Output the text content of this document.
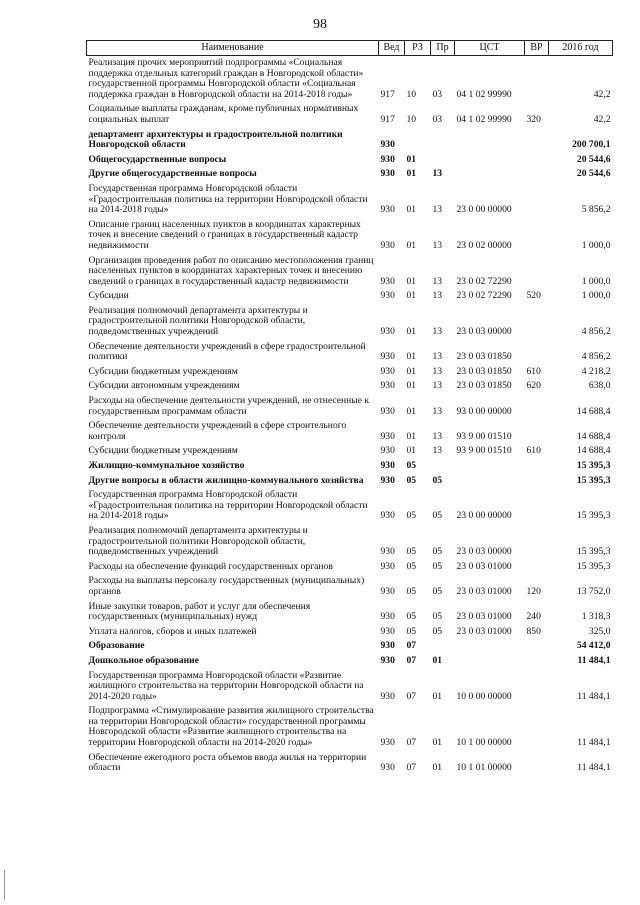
98
Наименование	Вед	РЗ	Пр	ЦСТ	ВР	2016 год
Реализация прочих мероприятий подпрограммы «Социальная поддержка отдельных категорий граждан в Новгородской области» государственной программы Новгородской области «Социальная поддержка граждан в Новгородской области на 2014-2018 годы»	917	10	03	04 1 02 99990		42,2
Социальные выплаты гражданам, кроме публичных нормативных социальных выплат	917	10	03	04 1 02 99990	320	42,2
департамент архитектуры и градостроительной политики Новгородской области	930					200 700,1
Общегосударственные вопросы	930	01				20 544,6
Другие общегосударственные вопросы	930	01	13			20 544,6
Государственная программа Новгородской области «Градостроительная политика на территории Новгородской области на 2014-2018 годы»	930	01	13	23 0 00 00000		5 856,2
Описание границ населенных пунктов в координатах характерных точек и внесение сведений о границах в государственный кадастр недвижимости	930	01	13	23 0 02 00000		1 000,0
Организация проведения работ по описанию местоположения границ населенных пунктов в координатах характерных точек и внесению сведений о границах в государственный кадастр недвижимости	930	01	13	23 0 02 72290		1 000,0
Субсидии	930	01	13	23 0 02 72290	520	1 000,0
Реализация полномочий департамента архитектуры и градостроительной политики Новгородской области, подведомственных учреждений	930	01	13	23 0 03 00000		4 856,2
Обеспечение деятельности учреждений в сфере градостроительной политики	930	01	13	23 0 03 01850		4 856,2
Субсидии бюджетным учреждениям	930	01	13	23 0 03 01850	610	4 218,2
Субсидии автономным учреждениям	930	01	13	23 0 03 01850	620	638,0
Расходы на обеспечение деятельности учреждений, не отнесенные к государственным программам области	930	01	13	93 0 00 00000		14 688,4
Обеспечение деятельности учреждений в сфере строительного контроля	930	01	13	93 9 00 01510		14 688,4
Субсидии бюджетным учреждениям	930	01	13	93 9 00 01510	610	14 688,4
Жилищно-коммунальное хозяйство	930	05				15 395,3
Другие вопросы в области жилищно-коммунального хозяйства	930	05	05			15 395,3
Государственная программа Новгородской области «Градостроительная политика на территории Новгородской области на 2014-2018 годы»	930	05	05	23 0 00 00000		15 395,3
Реализация полномочий департамента архитектуры и градостроительной политики Новгородской области, подведомственных учреждений	930	05	05	23 0 03 00000		15 395,3
Расходы на обеспечение функций государственных органов	930	05	05	23 0 03 01000		15 395,3
Расходы на выплаты персоналу государственных (муниципальных) органов	930	05	05	23 0 03 01000	120	13 752,0
Иные закупки товаров, работ и услуг для обеспечения государственных (муниципальных) нужд	930	05	05	23 0 03 01000	240	1 318,3
Уплата налогов, сборов и иных платежей	930	05	05	23 0 03 01000	850	325,0
Образование	930	07				54 412,0
Дошкольное образование	930	07	01			11 484,1
Государственная программа Новгородской области «Развитие жилищного строительства на территории Новгородской области на 2014-2020 годы»	930	07	01	10 0 00 00000		11 484,1
Подпрограмма «Стимулирование развития жилищного строительства на территории Новгородской области» государственной программы Новгородской области «Развитие жилищного строительства на территории Новгородской области на 2014-2020 годы»	930	07	01	10 1 00 00000		11 484,1
Обеспечение ежегодного роста объемов ввода жилья на территории области	930	07	01	10 1 01 00000		11 484,1
